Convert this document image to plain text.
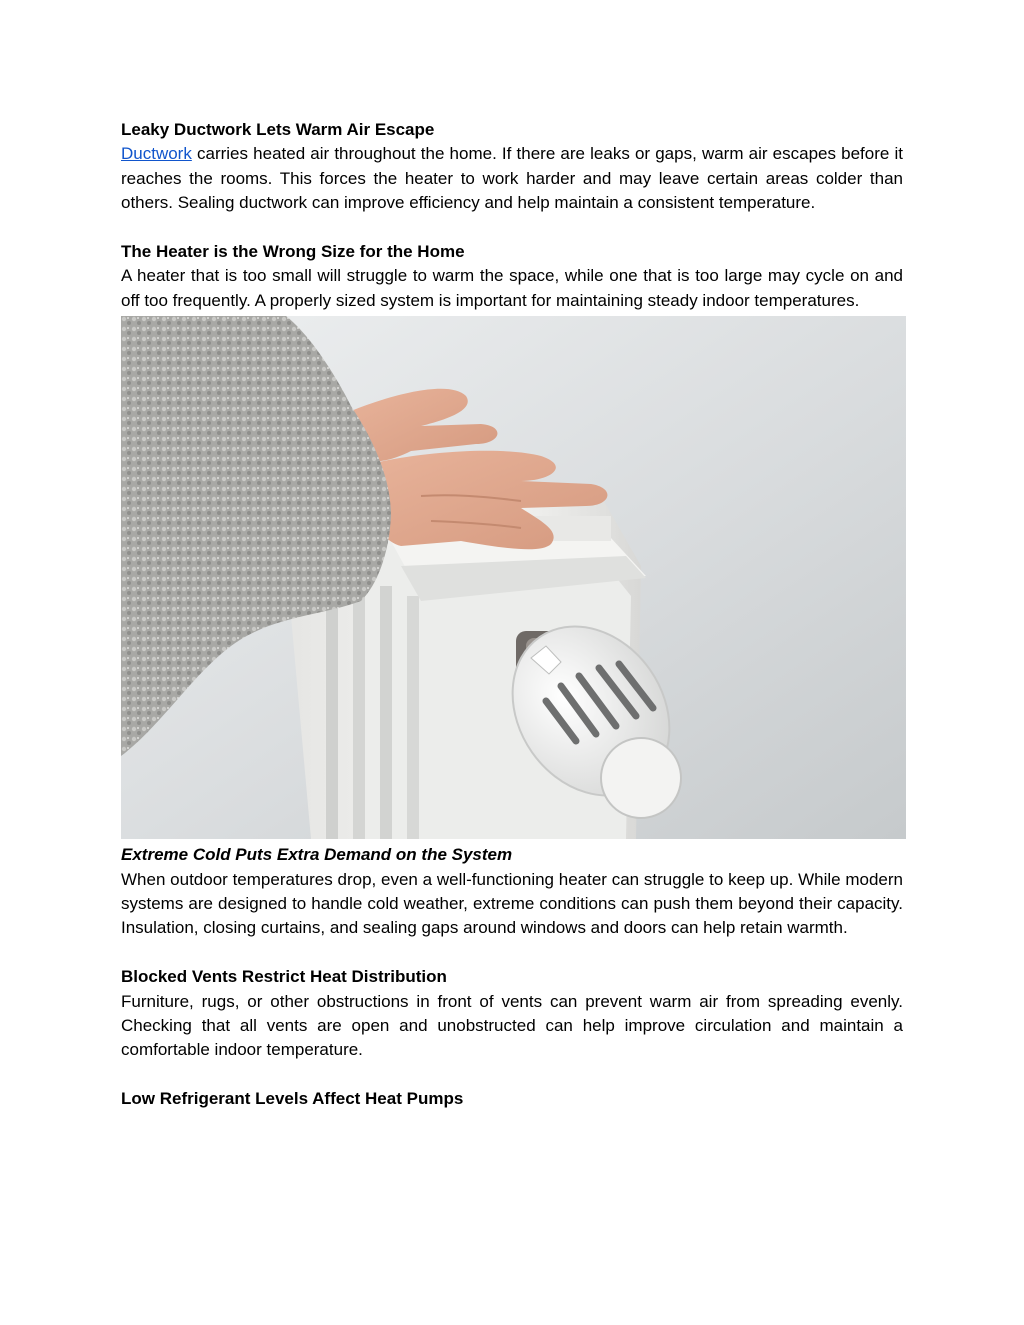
Leaky Ductwork Lets Warm Air Escape

Ductwork carries heated air throughout the home. If there are leaks or gaps, warm air escapes before it reaches the rooms. This forces the heater to work harder and may leave certain areas colder than others. Sealing ductwork can improve efficiency and help maintain a consistent temperature.

The Heater is the Wrong Size for the Home

A heater that is too small will struggle to warm the space, while one that is too large may cycle on and off too frequently. A properly sized system is important for maintaining steady indoor temperatures.

Extreme Cold Puts Extra Demand on the System

When outdoor temperatures drop, even a well-functioning heater can struggle to keep up. While modern systems are designed to handle cold weather, extreme conditions can push them beyond their capacity. Insulation, closing curtains, and sealing gaps around windows and doors can help retain warmth.

Blocked Vents Restrict Heat Distribution

Furniture, rugs, or other obstructions in front of vents can prevent warm air from spreading evenly. Checking that all vents are open and unobstructed can help improve circulation and maintain a comfortable indoor temperature.

Low Refrigerant Levels Affect Heat Pumps
